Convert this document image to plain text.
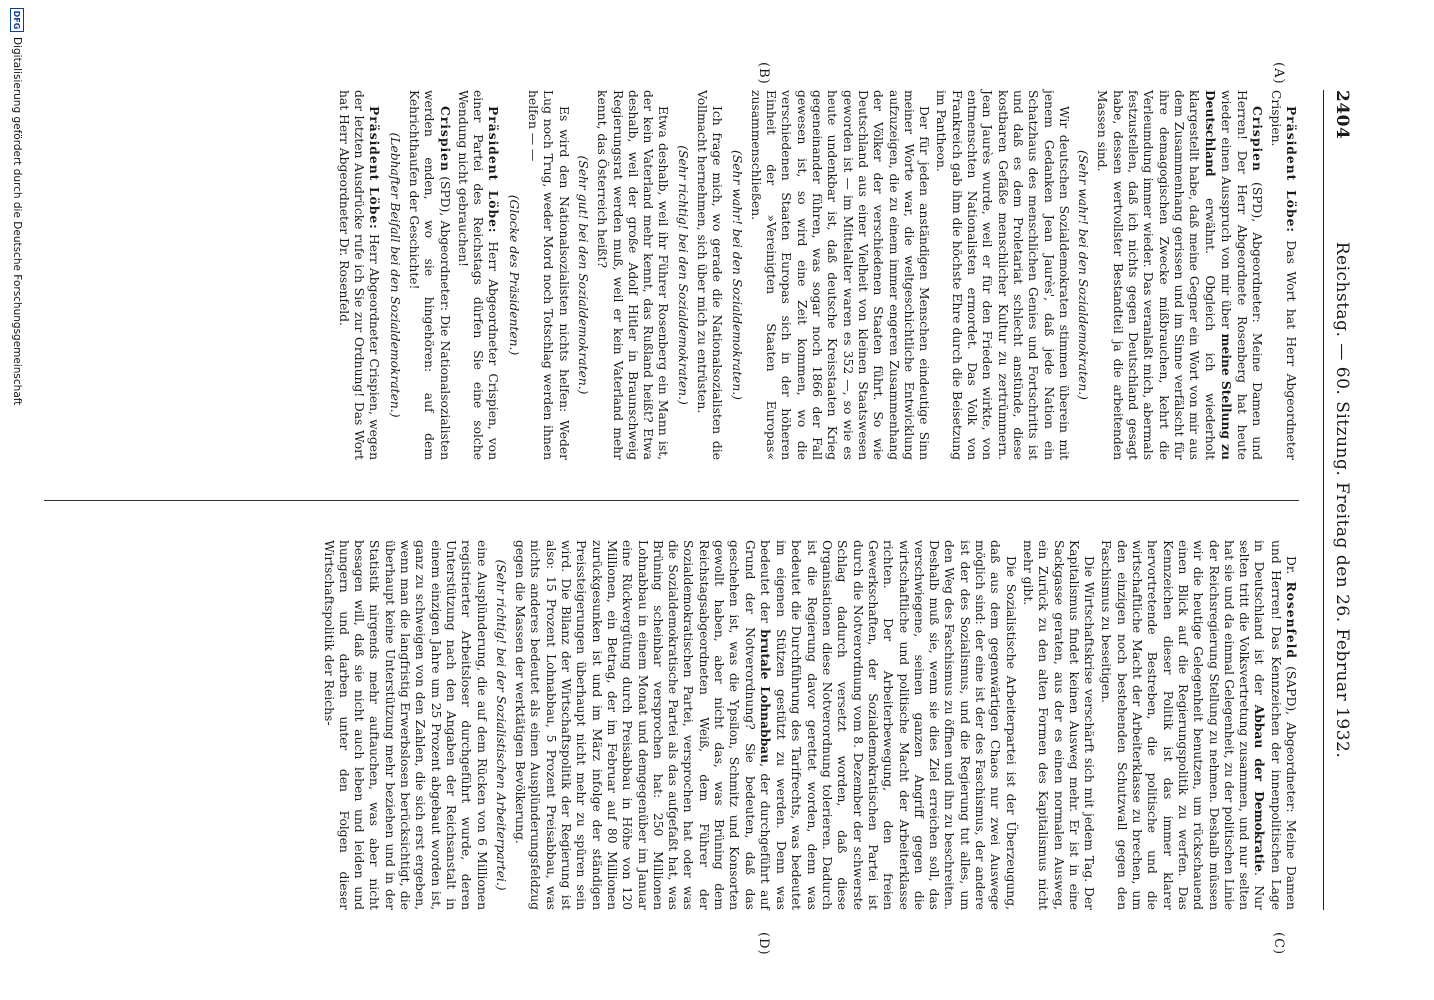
2404
Reichstag. — 60. Sitzung. Freitag den 26. Februar 1932.
(A)
(B)
(C)
(D)

Präsident Löbe: Das Wort hat Herr Abgeordneter Crispien.

Crispien (SPD), Abgeordneter: Meine Damen und Herren! Der Herr Abgeordnete Rosenberg hat heute wieder einen Ausspruch von mir über meine Stellung zu Deutschland erwähnt. Obgleich ich wiederholt klargestellt habe, daß meine Gegner ein Wort von mir aus dem Zusammenhang gerissen und im Sinne verfälscht für ihre demagogischen Zwecke mißbrauchen, kehrt die Verleumdung immer wieder. Das veranlaßt mich, abermals festzustellen, daß ich nichts gegen Deutschland gesagt habe, dessen wertvollster Bestandteil ja die arbeitenden Massen sind.

(Sehr wahr! bei den Sozialdemokraten.)

Wir deutschen Sozialdemokraten stimmen überein mit jenem Gedanken Jean Jaurès', daß jede Nation ein Schatzhaus des menschlichen Genies und Fortschritts ist und daß es dem Proletariat schlecht anstünde, diese kostbaren Gefäße menschlicher Kultur zu zertrümmern. Jean Jaurès wurde, weil er für den Frieden wirkte, von entmenschten Nationalisten ermordet. Das Volk von Frankreich gab ihm die höchste Ehre durch die Beisetzung im Pantheon.

Der für jeden anständigen Menschen eindeutige Sinn meiner Worte war, die weltgeschichtliche Entwicklung aufzuzeigen, die zu einem immer engeren Zusammenhang der Völker der verschiedenen Staaten führt. So wie Deutschland aus einer Vielheit von kleinen Staatswesen geworden ist — im Mittelalter waren es 352 —, so wie es heute undenkbar ist, daß deutsche Kreisstaaten Krieg gegeneinander führen, was sogar noch 1866 der Fall gewesen ist, so wird eine Zeit kommen, wo die verschiedenen Staaten Europas sich in der höheren Einheit der »Vereinigten Staaten Europas« zusammenschließen.

(Sehr wahr! bei den Sozialdemokraten.)

Ich frage mich, wo gerade die Nationalsozialisten die Vollmacht hernehmen, sich über mich zu entrüsten.

(Sehr richtig! bei den Sozialdemokraten.)

Etwa deshalb, weil ihr Führer Rosenberg ein Mann ist, der kein Vaterland mehr kennt, das Rußland heißt? Etwa deshalb, weil der große Adolf Hitler in Braunschweig Regierungsrat werden muß, weil er kein Vaterland mehr kennt, das Österreich heißt?

(Sehr gut! bei den Sozialdemokraten.)

Es wird den Nationalsozialisten nichts helfen: Weder Lug noch Trug, weder Mord noch Totschlag werden ihnen helfen — —

(Glocke des Präsidenten.)

Präsident Löbe: Herr Abgeordneter Crispien, von einer Partei des Reichstags dürfen Sie eine solche Wendung nicht gebrauchen!

Crispien (SPD), Abgeordneter: Die Nationalsozialisten werden enden, wo sie hingehören: auf dem Kehrichthaufen der Geschichte!

(Lebhafter Beifall bei den Sozialdemokraten.)

Präsident Löbe: Herr Abgeordneter Crispien, wegen der letzten Ausdrücke rufe ich Sie zur Ordnung! Das Wort hat Herr Abgeordneter Dr. Rosenfeld.

Dr. Rosenfeld (SAPD), Abgeordneter: Meine Damen und Herren! Das Kennzeichen der innenpolitischen Lage in Deutschland ist der Abbau der Demokratie. Nur selten tritt die Volksvertretung zusammen, und nur selten hat sie und da einmal Gelegenheit, zu der politischen Linie der Reichsregierung Stellung zu nehmen. Deshalb müssen wir die heutige Gelegenheit benutzen, um rückschauend einen Blick auf die Regierungspolitik zu werfen. Das Kennzeichen dieser Politik ist das immer klarer hervortretende Bestreben, die politische und die wirtschaftliche Macht der Arbeiterklasse zu brechen, um den einzigen noch bestehenden Schutzwall gegen den Faschismus zu beseitigen.

Die Wirtschaftskrise verschärft sich mit jedem Tag. Der Kapitalismus findet keinen Ausweg mehr. Er ist in eine Sackgasse geraten, aus der es einen normalen Ausweg, ein Zurück zu den alten Formen des Kapitalismus nicht mehr gibt.

Die Sozialistische Arbeiterpartei ist der Überzeugung, daß aus dem gegenwärtigen Chaos nur zwei Auswege möglich sind: der eine ist der des Faschismus, der andere ist der des Sozialismus, und die Regierung tut alles, um den Weg des Faschismus zu öffnen und ihn zu beschreiten. Deshalb muß sie, wenn sie dies Ziel erreichen soll, das verschwiegene, seinen ganzen Angriff gegen die wirtschaftliche und politische Macht der Arbeiterklasse richten. Der Arbeiterbewegung, den freien Gewerkschaften, der Sozialdemokratischen Partei ist durch die Notverordnung vom 8. Dezember der schwerste Schlag dadurch versetzt worden, daß diese Organisationen diese Notverordnung tolerieren. Dadurch ist die Regierung davor gerettet worden, denn was bedeutet die Durchführung des Tarifrechts, was bedeutet im eigenen Stützen gestützt zu werden. Denn was bedeutet der brutale Lohnabbau, der durchgeführt auf Grund der Notverordnung? Sie bedeuten, daß das geschehen ist, was die Ypsilon, Schmitz und Konsorten gewollt haben, aber nicht das, was Brüning dem Reichstagsabgeordneten Weiß, dem Führer der Sozialdemokratischen Partei, versprochen hat oder was die Sozialdemokratische Partei als das aufgefaßt hat, was Brüning scheinbar versprochen hat: 250 Millionen Lohnabbau in einem Monat und demgegenüber im Januar eine Rückvergütung durch Preisabbau in Höhe von 120 Millionen, ein Betrag, der im Februar auf 80 Millionen zurückgesunken ist und im März infolge der ständigen Preissteigerungen überhaupt nicht mehr zu spüren sein wird. Die Bilanz der Wirtschaftspolitik der Regierung ist also: 15 Prozent Lohnabbau, 5 Prozent Preisabbau, was nichts anderes bedeutet als einen Ausplünderungsfeldzug gegen die Massen der werktätigen Bevölkerung.

(Sehr richtig! bei der Sozialistischen Arbeiterpartei.)

eine Ausplünderung, die auf dem Rücken von 6 Millionen registrierter Arbeitsloser durchgeführt wurde, deren Unterstützung nach den Angaben der Reichsanstalt in einem einzigen Jahre um 25 Prozent abgebaut worden ist, ganz zu schweigen von den Zahlen, die sich erst ergeben, wenn man die langfristig Erwerbslosen berücksichtigt, die überhaupt keine Unterstützung mehr beziehen und in der Statistik nirgends mehr auftauchen, was aber nicht besagen will, daß sie nicht auch leben und leiden und hungern und darben unter den Folgen dieser Wirtschaftspolitik der Reichs-

DFG
Digitalisierung gefördert durch die Deutsche Forschungsgemeinschaft
